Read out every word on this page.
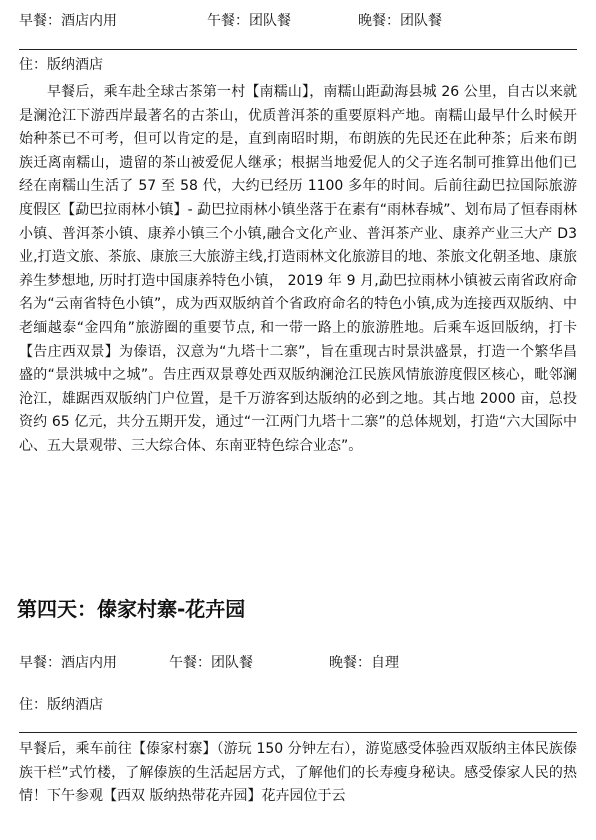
早餐：酒店内用	午餐：团队餐	晚餐：团队餐
住：版纳酒店

早餐后，乘车赴全球古茶第一村【南糯山】，南糯山距勐海县城 26 公里，自古以来就是澜沧江下游西岸最著名的古茶山，优质普洱茶的重要原料产地。南糯山最早什么时候开始种茶已不可考，但可以肯定的是，直到南昭时期，布朗族的先民还在此种茶；后来布朗族迁离南糯山，遗留的茶山被爱伲人继承；根据当地爱伲人的父子连名制可推算出他们已经在南糯山生活了 57 至 58 代，大约已经历 1100 多年的时间。后前往勐巴拉国际旅游度假区【勐巴拉雨林小镇】- 勐巴拉雨林小镇坐落于在素有“雨林春城”、划布局了恒春雨林小镇、普洱茶小镇、康养小镇三个小镇,融合文化产业、普洱茶产业、康养产业三大产 D3 业,打造文旅、茶旅、康旅三大旅游主线,打造雨林文化旅游目的地、茶旅文化朝圣地、康旅养生梦想地, 历时打造中国康养特色小镇， 2019 年 9 月,勐巴拉雨林小镇被云南省政府命名为“云南省特色小镇”，成为西双版纳首个省政府命名的特色小镇,成为连接西双版纳、中老缅越泰“金四角”旅游圈的重要节点, 和一带一路上的旅游胜地。后乘车返回版纳，打卡【告庄西双景】为傣语，汉意为“九塔十二寨”，旨在重现古时景洪盛景，打造一个繁华昌盛的“景洪城中之城”。告庄西双景尊处西双版纳澜沧江民族风情旅游度假区核心，毗邻澜沧江，雄踞西双版纳门户位置，是千万游客到达版纳的必到之地。其占地 2000 亩，总投资约 65 亿元，共分五期开发，通过“一江两门九塔十二寨”的总体规划，打造“六大国际中心、五大景观带、三大综合体、东南亚特色综合业态”。

第四天：傣家村寨-花卉园
早餐：酒店内用	午餐：团队餐	晚餐：自理
住：版纳酒店

早餐后，乘车前往【傣家村寨】（游玩 150 分钟左右），游览感受体验西双版纳主体民族傣族干栏”式竹楼，了解傣族的生活起居方式，了解他们的长寿瘦身秘诀。感受傣家人民的热情！下午参观【西双 版纳热带花卉园】花卉园位于云
